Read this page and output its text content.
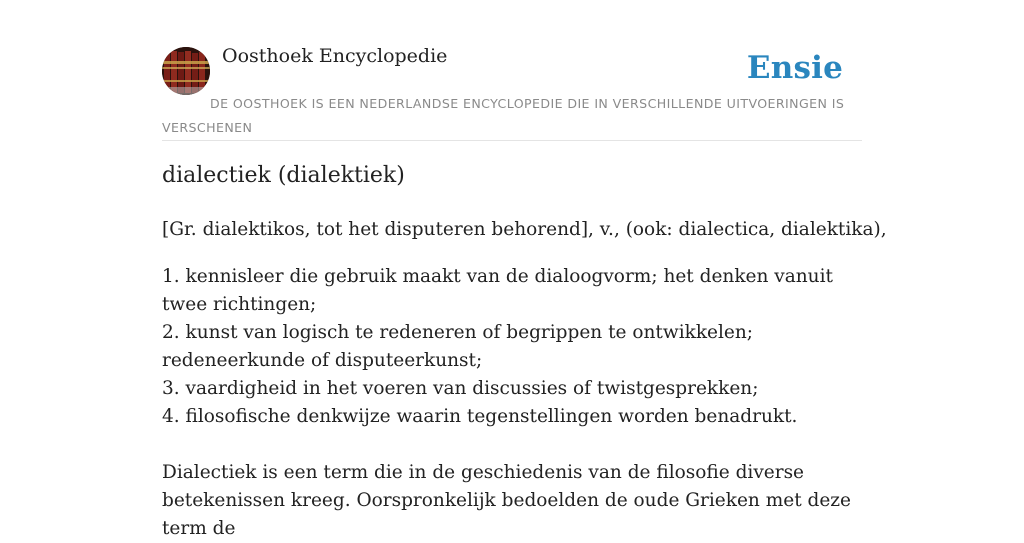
Oosthoek Encyclopedie	Ensie
DE OOSTHOEK IS EEN NEDERLANDSE ENCYCLOPEDIE DIE IN VERSCHILLENDE UITVOERINGEN IS VERSCHENEN
dialectiek (dialektiek)

[Gr. dialektikos, tot het disputeren behorend], v., (ook: dialectica, dialektika),

1. kennisleer die gebruik maakt van de dialoogvorm; het denken vanuit twee richtingen;
2. kunst van logisch te redeneren of begrippen te ontwikkelen; redeneerkunde of disputeerkunst;
3. vaardigheid in het voeren van discussies of twistgesprekken;
4. filosofische denkwijze waarin tegenstellingen worden benadrukt.

Dialectiek is een term die in de geschiedenis van de filosofie diverse betekenissen kreeg. Oorspronkelijk bedoelden de oude Grieken met deze term de
